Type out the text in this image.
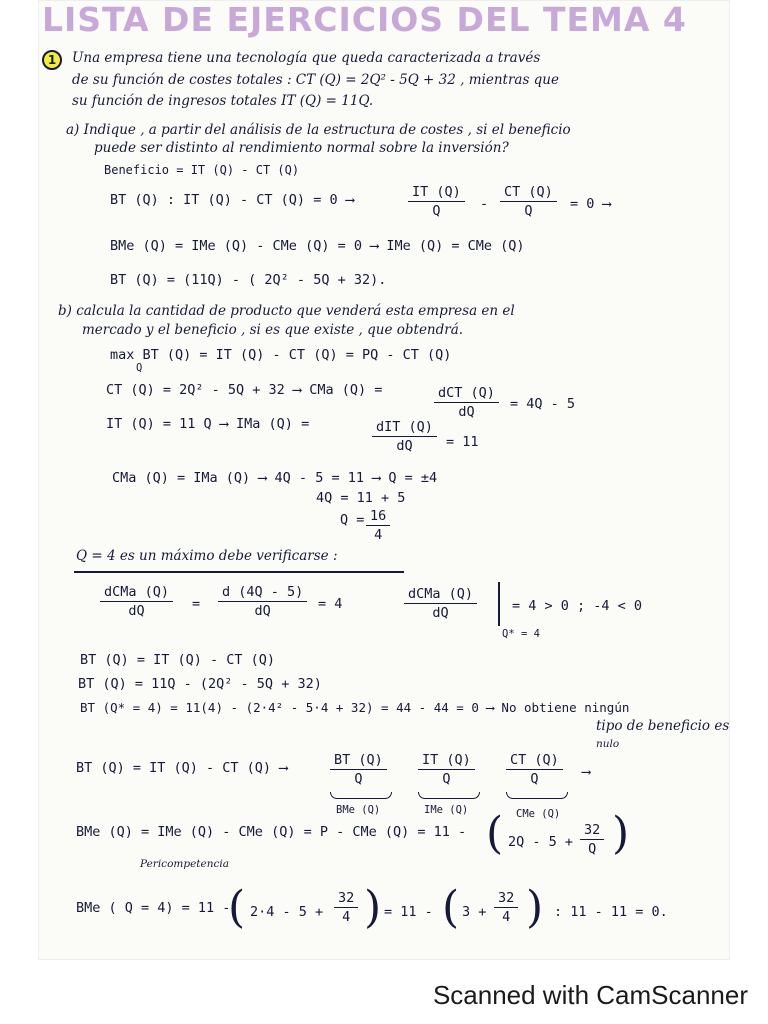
LISTA DE EJERCICIOS DEL TEMA 4
1	Una empresa tiene una tecnología que queda caracterizada a través
de su función de costes totales : CT (Q) = 2Q² - 5Q + 32 , mientras que
su función de ingresos totales IT (Q) = 11Q.
a) Indique , a partir del análisis de la estructura de costes , si el beneficio
puede ser distinto al rendimiento normal sobre la inversión?
Beneficio = IT (Q) - CT (Q)
BT (Q) : IT (Q) - CT (Q) = 0 ⟶	$\frac{IT (Q)}{Q} - \frac{CT (Q)}{Q} = 0$ ⟶
BMe (Q) = IMe (Q) - CMe (Q) = 0 ⟶ IMe (Q) = CMe (Q)
BT (Q) = (11Q) - ( 2Q² - 5Q + 32).
b) calcula la cantidad de producto que venderá esta empresa en el
mercado y el beneficio , si es que existe , que obtendrá.
max BT (Q) = IT (Q) - CT (Q) = PQ - CT (Q)
Q
CT (Q) = 2Q² - 5Q + 32 ⟶ CMa (Q) =	dCT (Q)
dQ	= 4Q - 5
IT (Q) = 11 Q ⟶ IMa (Q) =	dIT (Q)
dQ	= 11
CMa (Q) = IMa (Q) ⟶ 4Q - 5 = 11 ⟶ Q = ±4
4Q = 11 + 5
$Q = \frac{16}{4}$
Q = 4 es un máximo debe verificarse :
dCMa (Q)
dQ	= $\frac{d (4Q - 5)}{dQ} = 4$
dCMa (Q)
dQ	= 4 > 0 ; -4 < 0
Q* = 4
BT (Q) = IT (Q) - CT (Q)
BT (Q) = 11Q - (2Q² - 5Q + 32)
BT (Q* = 4) = 11(4) - (2·4² - 5·4 + 32) = 44 - 44 = 0 ⟶ No obtiene ningún
tipo de beneficio es
nulo
BT (Q) = IT (Q) - CT (Q) ⟶	$\frac{BT (Q)}{Q} \frac{IT (Q)}{Q} \frac{CT (Q)}{Q}$ ⟶
BMe (Q)	IMe (Q)	CMe (Q)
BMe (Q) = IMe (Q) - CMe (Q) = P - CMe (Q) = 11 - ( $2Q - 5 + \frac{32}{Q}$ )
Pericompetencia
BMe ( Q = 4) = 11 -
( $2\cdot 4 - 5 + \frac{32}{4}$ ) = 11 - ( $3 + \frac{32}{4}$ ) : 11 - 11 = 0.
Scanned with CamScanner
